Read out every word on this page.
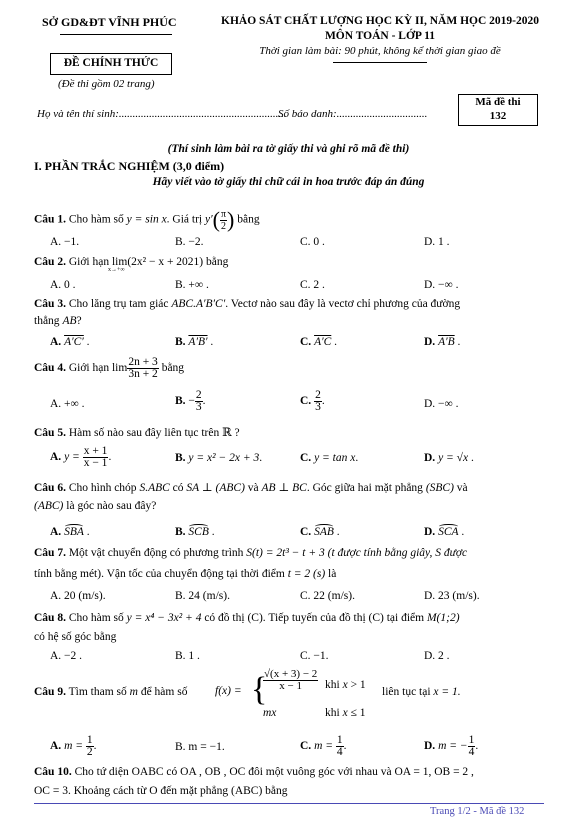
SỞ GD&ĐT VĨNH PHÚC
ĐỀ CHÍNH THỨC
(Đề thi gồm 02 trang)
KHẢO SÁT CHẤT LƯỢNG HỌC KỲ II, NĂM HỌC 2019-2020
MÔN TOÁN - LỚP 11
Thời gian làm bài: 90 phút, không kể thời gian giao đề
Họ và tên thí sinh:.............................................................
Số báo danh:.................................
Mã đề thi
132
(Thí sinh làm bài ra tờ giấy thi và ghi rõ mã đề thi)
I. PHẦN TRẮC NGHIỆM (3,0 điểm)
Hãy viết vào tờ giấy thi chữ cái in hoa trước đáp án đúng
Câu 1. Cho hàm số y = sin x. Giá trị $y'( \frac{\pi}{2}$ ) bằng
A. −1.	B. −2.	C. 0 .	D. 1 .
Câu 2. Giới hạn lim
x→+∞
(2x² − x + 2021) bằng
A. 0 .	B. +∞ .	C. 2 .	D. −∞ .
Câu 3. Cho lăng trụ tam giác ABC.A′B′C′. Vectơ nào sau đây là vectơ chỉ phương của đường
thẳng AB?
A. A′C′ .	B. A′B′ .	C. A′C .	D. A′B .
Câu 4. Giới hạn $\lim \frac{2n + 3}{3n + 2}$ bằng
A. +∞ .	B. − $\frac{2}{3}$ .	C. $\frac{2}{3}$ .	D. −∞ .
Câu 5. Hàm số nào sau đây liên tục trên ℝ ?
A. $y = \frac{x + 1}{x - 1}$ .	B. y = x² − 2x + 3.	C. y = tan x.	D. y = √x .
Câu 6. Cho hình chóp S.ABC có SA ⊥ (ABC) và AB ⊥ BC. Góc giữa hai mặt phẳng (SBC) và
(ABC) là góc nào sau đây?
A. SBA .	B. SCB .	C. SAB .	D. SCA .
Câu 7. Một vật chuyển động có phương trình S(t) = 2t³ − t + 3 (t được tính bằng giây, S được
tính bằng mét). Vận tốc của chuyển động tại thời điểm t = 2 (s) là
A. 20 (m/s).	B. 24 (m/s).	C. 22 (m/s).	D. 23 (m/s).
Câu 8. Cho hàm số y = x⁴ − 3x² + 4 có đồ thị (C). Tiếp tuyến của đồ thị (C) tại điểm M(1;2)
có hệ số góc bằng
A. −2 .	B. 1 .	C. −1.	D. 2 .
Câu 9. Tìm tham số m để hàm số f(x) = {
$\frac{√(x + 3) - 2}{x - 1}$ khi x > 1
mx	khi x ≤ 1
liên tục tại x = 1.
A. $m = \frac{1}{2}$ .	B. m = −1.	C. $m = \frac{1}{4}$ .	D. m = − $\frac{1}{4}$ .
Câu 10. Cho tứ diện OABC có OA , OB , OC đôi một vuông góc với nhau và OA = 1, OB = 2 ,
OC = 3. Khoảng cách từ O đến mặt phẳng (ABC) bằng
Trang 1/2 - Mã đề 132
